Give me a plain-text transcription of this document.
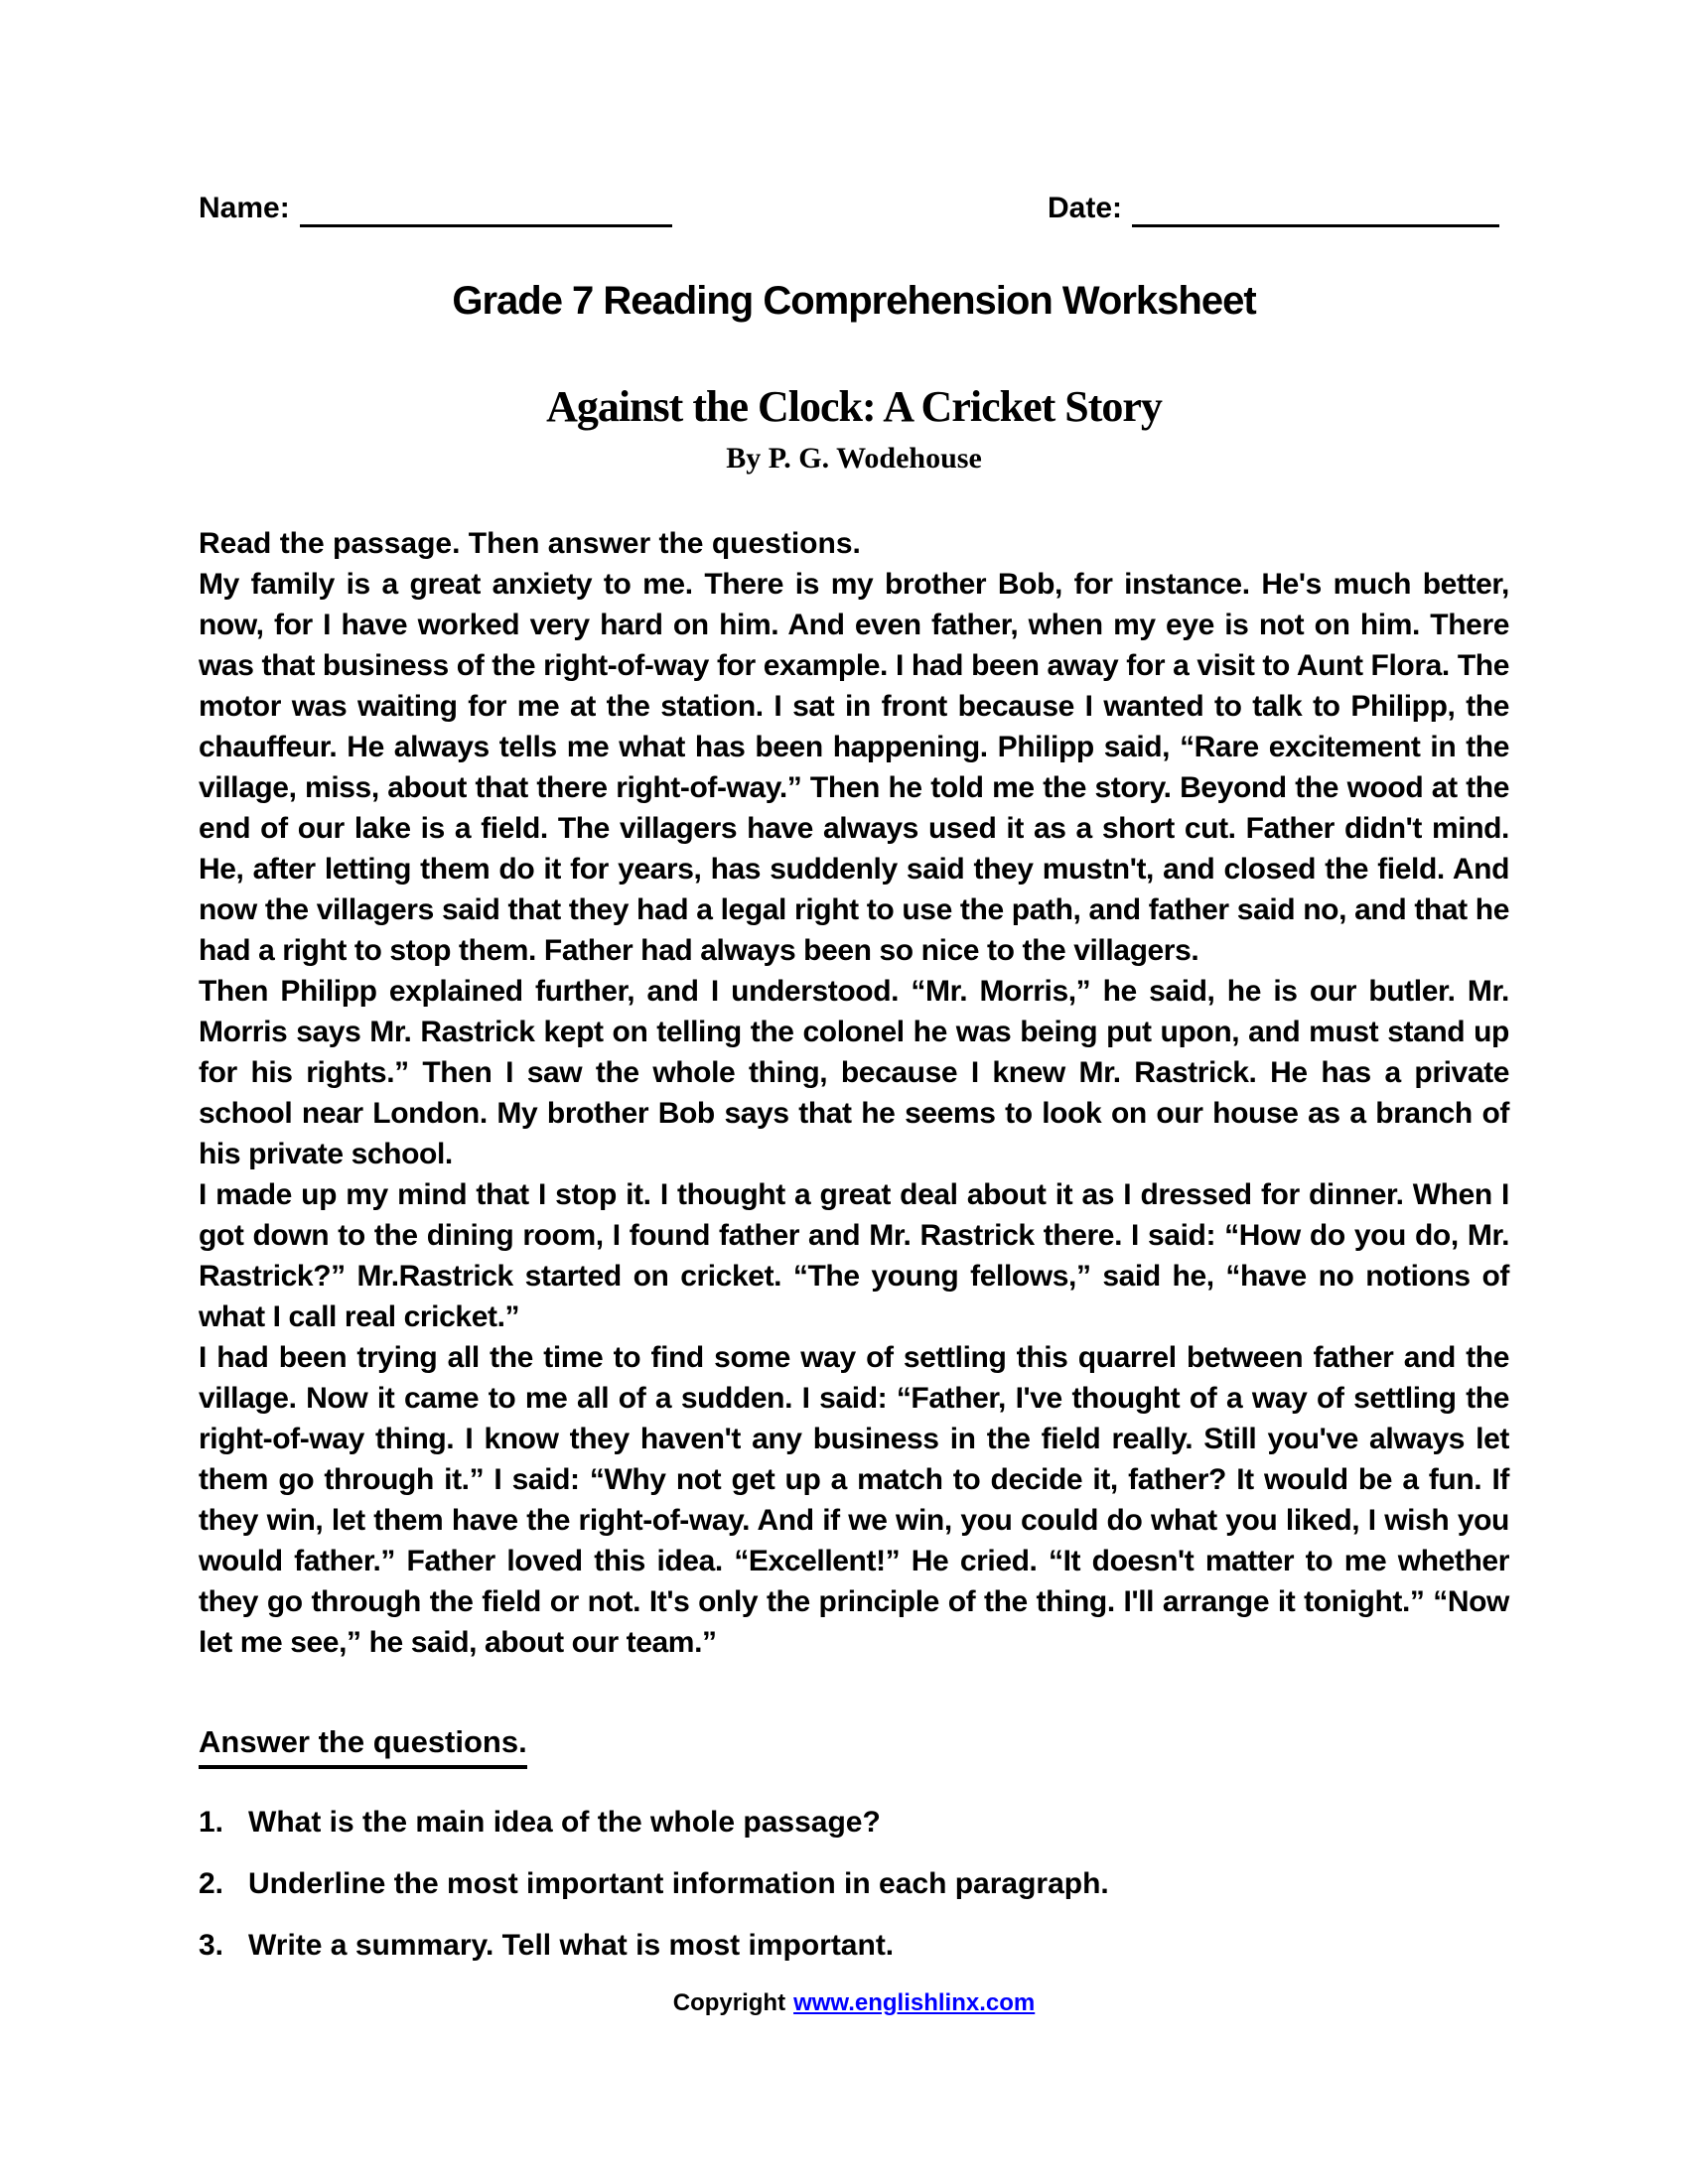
Name:	Date:
Grade 7 Reading Comprehension Worksheet
Against the Clock: A Cricket Story
By P. G. Wodehouse
Read the passage. Then answer the questions.

My family is a great anxiety to me. There is my brother Bob, for instance. He's much better, now, for I have worked very hard on him. And even father, when my eye is not on him. There was that business of the right-of-way for example. I had been away for a visit to Aunt Flora. The motor was waiting for me at the station. I sat in front because I wanted to talk to Philipp, the chauffeur. He always tells me what has been happening. Philipp said, “Rare excitement in the village, miss, about that there right-of-way.” Then he told me the story. Beyond the wood at the end of our lake is a field. The villagers have always used it as a short cut. Father didn't mind. He, after letting them do it for years, has suddenly said they mustn't, and closed the field. And now the villagers said that they had a legal right to use the path, and father said no, and that he had a right to stop them. Father had always been so nice to the villagers.

Then Philipp explained further, and I understood. “Mr. Morris,” he said, he is our butler. Mr. Morris says Mr. Rastrick kept on telling the colonel he was being put upon, and must stand up for his rights.” Then I saw the whole thing, because I knew Mr. Rastrick. He has a private school near London. My brother Bob says that he seems to look on our house as a branch of his private school.

I made up my mind that I stop it. I thought a great deal about it as I dressed for dinner. When I got down to the dining room, I found father and Mr. Rastrick there. I said: “How do you do, Mr. Rastrick?” Mr.Rastrick started on cricket. “The young fellows,” said he, “have no notions of what I call real cricket.”

I had been trying all the time to find some way of settling this quarrel between father and the village. Now it came to me all of a sudden. I said: “Father, I've thought of a way of settling the right-of-way thing. I know they haven't any business in the field really. Still you've always let them go through it.” I said: “Why not get up a match to decide it, father? It would be a fun. If they win, let them have the right-of-way. And if we win, you could do what you liked, I wish you would father.” Father loved this idea. “Excellent!” He cried. “It doesn't matter to me whether they go through the field or not. It's only the principle of the thing. I'll arrange it tonight.” “Now let me see,” he said, about our team.”

Answer the questions.
1. What is the main idea of the whole passage?
2. Underline the most important information in each paragraph.
3. Write a summary. Tell what is most important.
Copyright www.englishlinx.com
